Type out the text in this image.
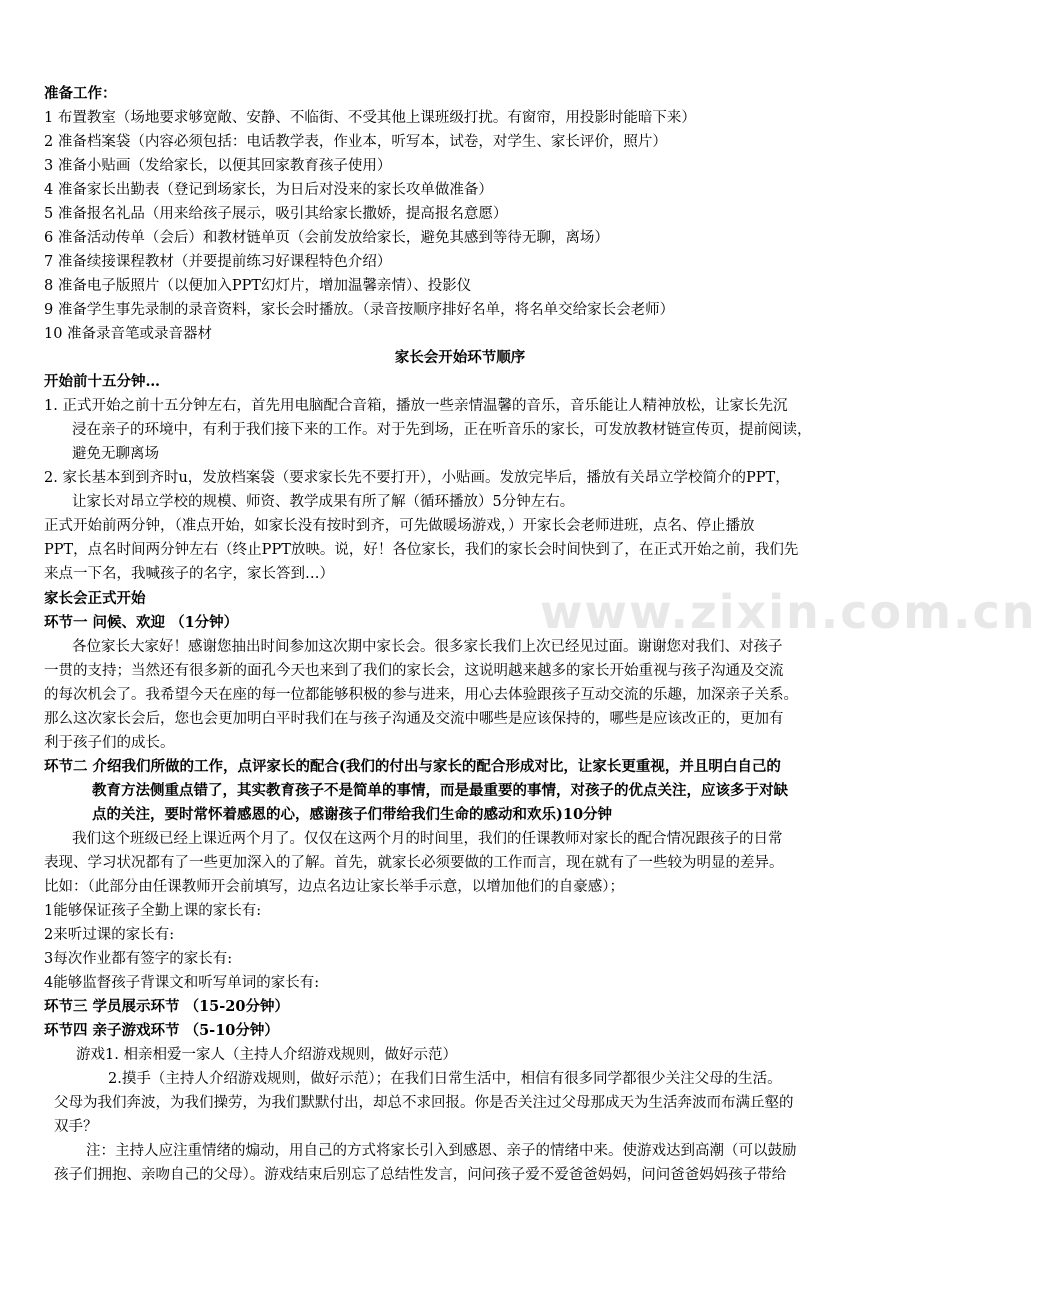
www.zixin.com.cn
准备工作：
1 布置教室（场地要求够宽敞、安静、不临街、不受其他上课班级打扰。有窗帘，用投影时能暗下来）
2 准备档案袋（内容必须包括：电话教学表，作业本，听写本，试卷，对学生、家长评价，照片）
3 准备小贴画（发给家长，以便其回家教育孩子使用）
4 准备家长出勤表（登记到场家长，为日后对没来的家长攻单做准备）
5 准备报名礼品（用来给孩子展示，吸引其给家长撒娇，提高报名意愿）
6 准备活动传单（会后）和教材链单页（会前发放给家长，避免其感到等待无聊，离场）
7 准备续接课程教材（并要提前练习好课程特色介绍）
8 准备电子版照片（以便加入PPT幻灯片，增加温馨亲情）、投影仪
9 准备学生事先录制的录音资料，家长会时播放。（录音按顺序排好名单，将名单交给家长会老师）
10 准备录音笔或录音器材
家长会开始环节顺序
开始前十五分钟…
1. 正式开始之前十五分钟左右，首先用电脑配合音箱，播放一些亲情温馨的音乐，音乐能让人精神放松，让家长先沉
浸在亲子的环境中，有利于我们接下来的工作。对于先到场，正在听音乐的家长，可发放教材链宣传页，提前阅读，
避免无聊离场
2. 家长基本到到齐时u，发放档案袋（要求家长先不要打开），小贴画。发放完毕后，播放有关昂立学校简介的PPT，
让家长对昂立学校的规模、师资、教学成果有所了解（循环播放）5分钟左右。
正式开始前两分钟，（准点开始，如家长没有按时到齐，可先做暖场游戏，）开家长会老师进班，点名、停止播放
PPT，点名时间两分钟左右（终止PPT放映。说，好！各位家长，我们的家长会时间快到了，在正式开始之前，我们先
来点一下名，我喊孩子的名字，家长答到…）
家长会正式开始
环节一 问候、欢迎 （1分钟）
各位家长大家好！感谢您抽出时间参加这次期中家长会。很多家长我们上次已经见过面。谢谢您对我们、对孩子
一贯的支持；当然还有很多新的面孔今天也来到了我们的家长会，这说明越来越多的家长开始重视与孩子沟通及交流
的每次机会了。我希望今天在座的每一位都能够积极的参与进来，用心去体验跟孩子互动交流的乐趣，加深亲子关系。
那么这次家长会后，您也会更加明白平时我们在与孩子沟通及交流中哪些是应该保持的，哪些是应该改正的，更加有
利于孩子们的成长。
环节二 介绍我们所做的工作，点评家长的配合(我们的付出与家长的配合形成对比，让家长更重视，并且明白自己的
教育方法侧重点错了，其实教育孩子不是简单的事情，而是最重要的事情，对孩子的优点关注，应该多于对缺
点的关注，要时常怀着感恩的心，感谢孩子们带给我们生命的感动和欢乐)10分钟
我们这个班级已经上课近两个月了。仅仅在这两个月的时间里，我们的任课教师对家长的配合情况跟孩子的日常
表现、学习状况都有了一些更加深入的了解。首先，就家长必须要做的工作而言，现在就有了一些较为明显的差异。
比如：（此部分由任课教师开会前填写，边点名边让家长举手示意，以增加他们的自豪感）；
1能够保证孩子全勤上课的家长有:
2来听过课的家长有:
3每次作业都有签字的家长有:
4能够监督孩子背课文和听写单词的家长有:
环节三 学员展示环节 （15-20分钟）
环节四 亲子游戏环节 （5-10分钟）
游戏1. 相亲相爱一家人（主持人介绍游戏规则，做好示范）
2.摸手（主持人介绍游戏规则，做好示范）；在我们日常生活中，相信有很多同学都很少关注父母的生活。
父母为我们奔波，为我们操劳，为我们默默付出，却总不求回报。你是否关注过父母那成天为生活奔波而布满丘壑的
双手？
注：主持人应注重情绪的煽动，用自己的方式将家长引入到感恩、亲子的情绪中来。使游戏达到高潮（可以鼓励
孩子们拥抱、亲吻自己的父母）。游戏结束后别忘了总结性发言，问问孩子爱不爱爸爸妈妈，问问爸爸妈妈孩子带给
